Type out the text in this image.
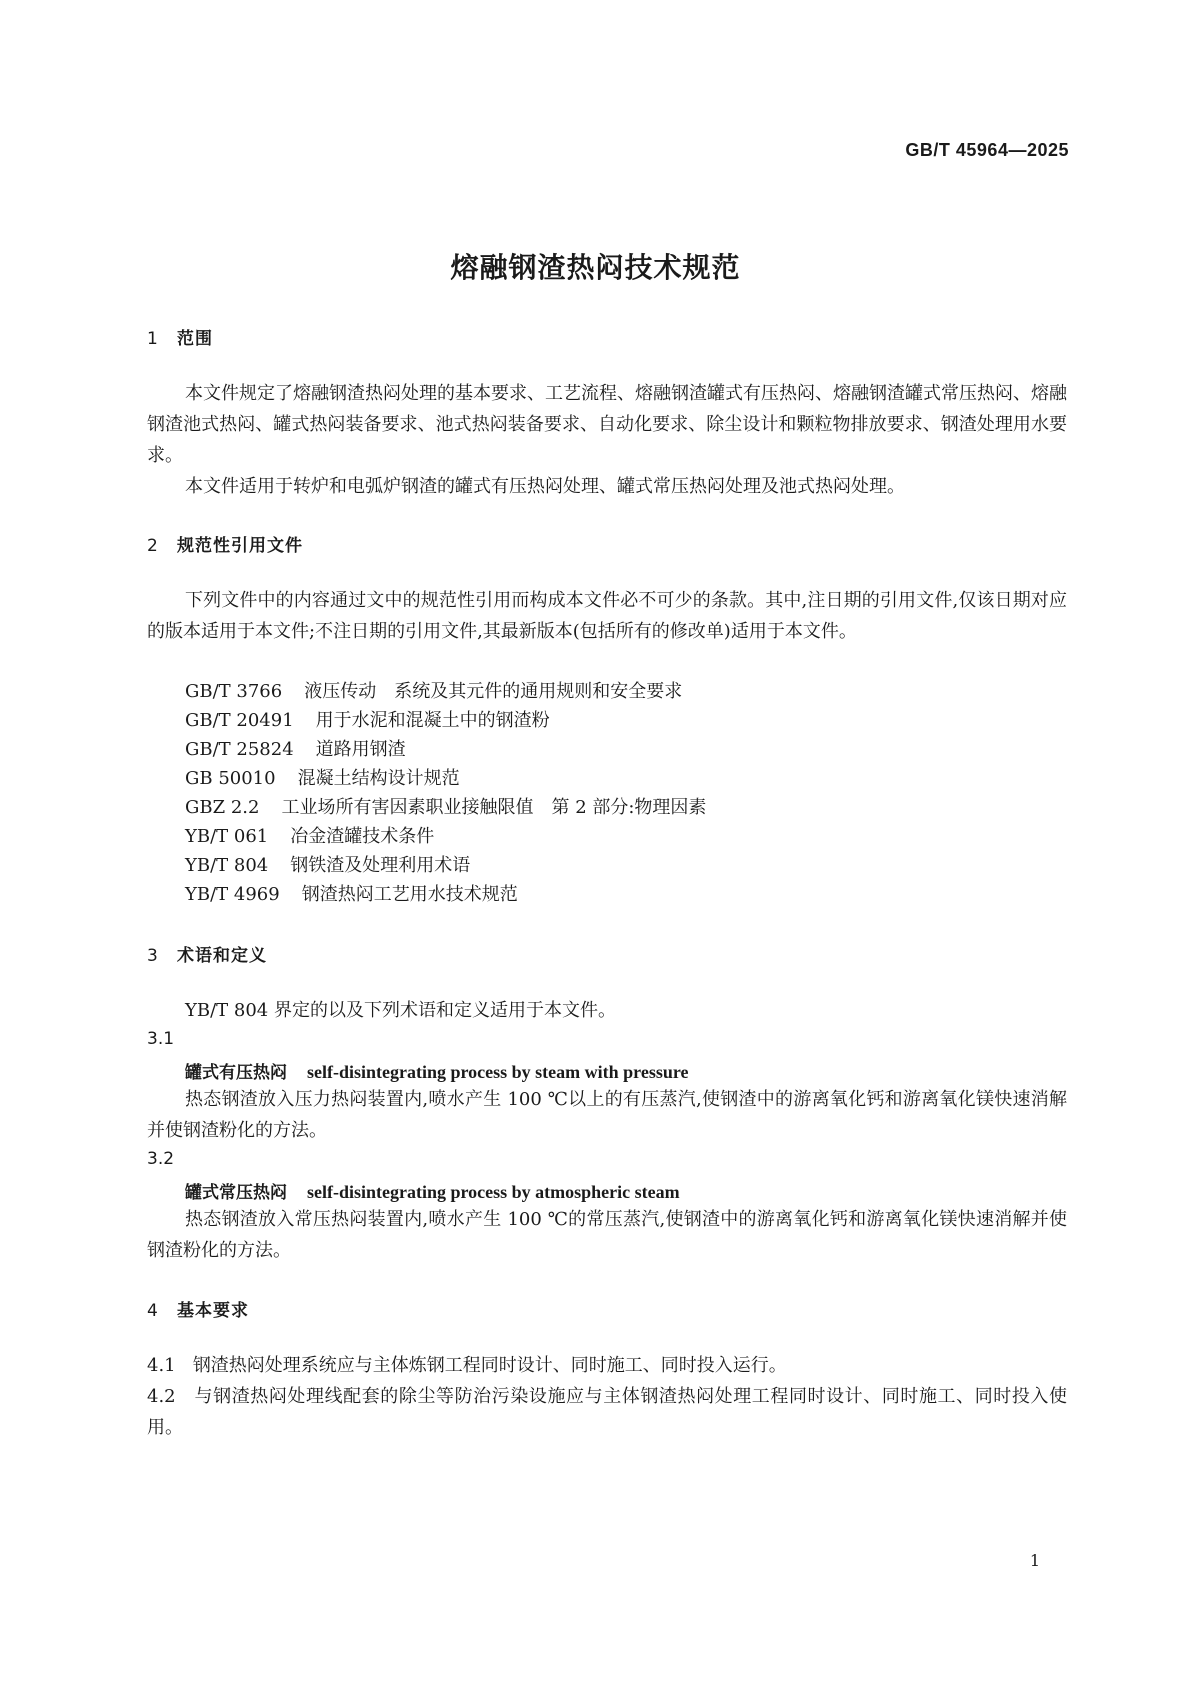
GB/T 45964—2025
熔融钢渣热闷技术规范
1 范围
本文件规定了熔融钢渣热闷处理的基本要求、工艺流程、熔融钢渣罐式有压热闷、熔融钢渣罐式常压热闷、熔融钢渣池式热闷、罐式热闷装备要求、池式热闷装备要求、自动化要求、除尘设计和颗粒物排放要求、钢渣处理用水要求。
本文件适用于转炉和电弧炉钢渣的罐式有压热闷处理、罐式常压热闷处理及池式热闷处理。
2 规范性引用文件
下列文件中的内容通过文中的规范性引用而构成本文件必不可少的条款。其中,注日期的引用文件,仅该日期对应的版本适用于本文件;不注日期的引用文件,其最新版本(包括所有的修改单)适用于本文件。
GB/T 3766 液压传动　系统及其元件的通用规则和安全要求
GB/T 20491 用于水泥和混凝土中的钢渣粉
GB/T 25824 道路用钢渣
GB 50010 混凝土结构设计规范
GBZ 2.2 工业场所有害因素职业接触限值　第 2 部分:物理因素
YB/T 061 冶金渣罐技术条件
YB/T 804 钢铁渣及处理利用术语
YB/T 4969 钢渣热闷工艺用水技术规范
3 术语和定义
YB/T 804 界定的以及下列术语和定义适用于本文件。
3.1
罐式有压热闷 self-disintegrating process by steam with pressure
热态钢渣放入压力热闷装置内,喷水产生 100 ℃以上的有压蒸汽,使钢渣中的游离氧化钙和游离氧化镁快速消解并使钢渣粉化的方法。
3.2
罐式常压热闷 self-disintegrating process by atmospheric steam
热态钢渣放入常压热闷装置内,喷水产生 100 ℃的常压蒸汽,使钢渣中的游离氧化钙和游离氧化镁快速消解并使钢渣粉化的方法。
4 基本要求
4.1 钢渣热闷处理系统应与主体炼钢工程同时设计、同时施工、同时投入运行。
4.2 与钢渣热闷处理线配套的除尘等防治污染设施应与主体钢渣热闷处理工程同时设计、同时施工、同时投入使用。
1
